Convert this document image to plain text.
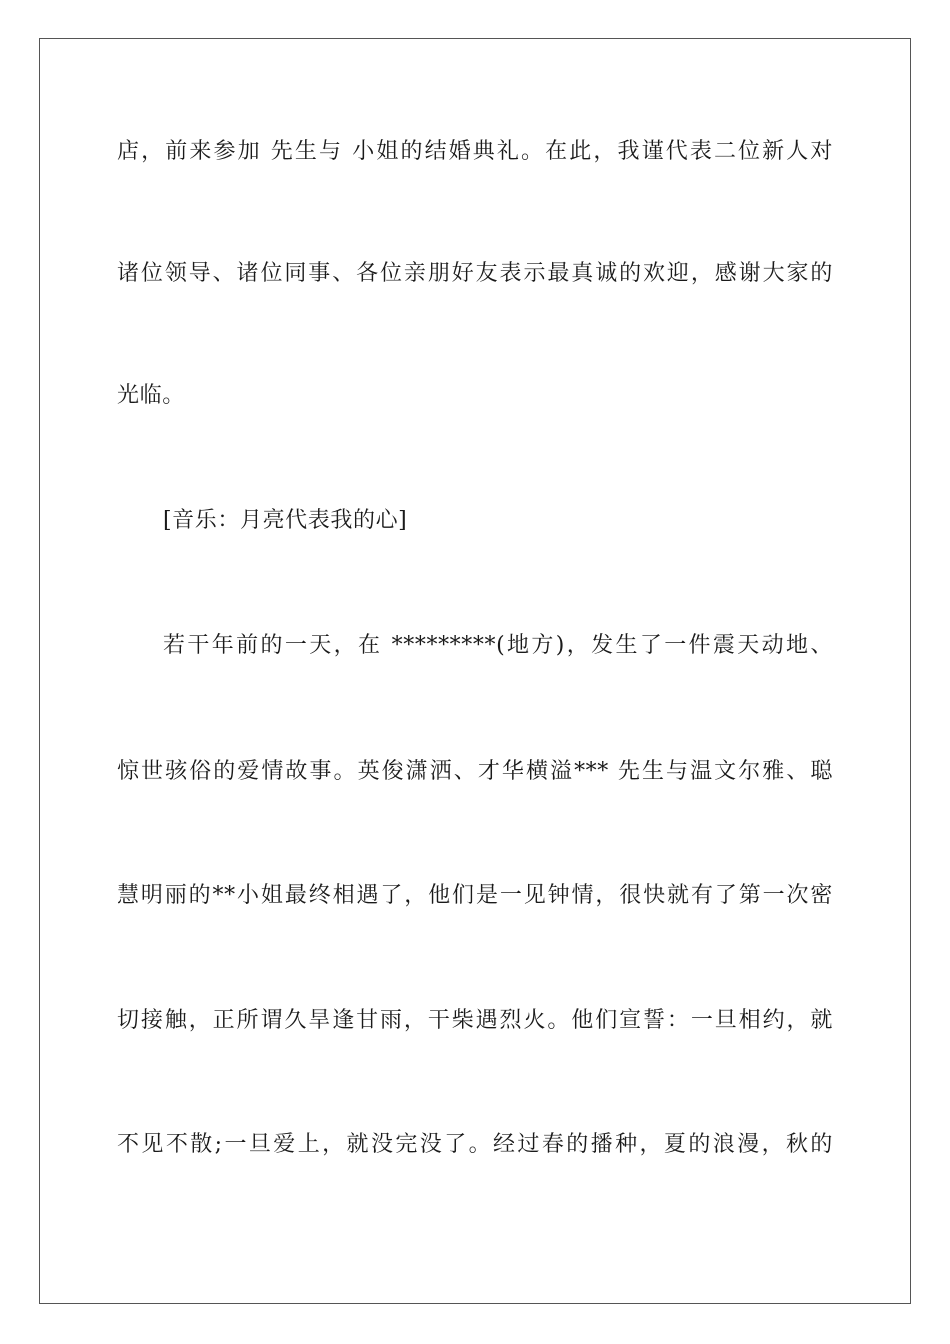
店，前来参加 先生与 小姐的结婚典礼。在此，我谨代表二位新人对
诸位领导、诸位同事、各位亲朋好友表示最真诚的欢迎，感谢大家的
光临。
[音乐：月亮代表我的心]
若干年前的一天，在 *********(地方)，发生了一件震天动地、
惊世骇俗的爱情故事。英俊潇洒、才华横溢*** 先生与温文尔雅、聪
慧明丽的**小姐最终相遇了，他们是一见钟情，很快就有了第一次密
切接触，正所谓久旱逢甘雨，干柴遇烈火。他们宣誓：一旦相约，就
不见不散;一旦爱上，就没完没了。经过春的播种，夏的浪漫，秋的
